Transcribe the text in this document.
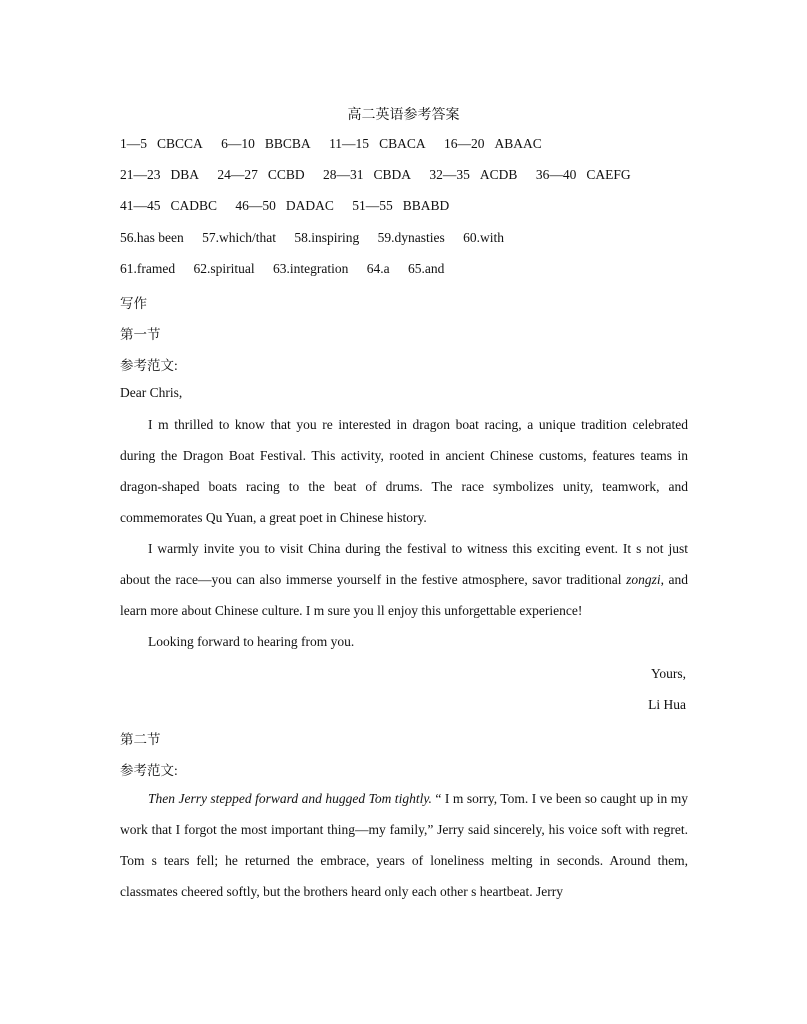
高二英语参考答案
1—5 CBCCA 6—10 BBCBA 11—15 CBACA 16—20 ABAAC
21—23 DBA 24—27 CCBD 28—31 CBDA 32—35 ACDB 36—40 CAEFG
41—45 CADBC 46—50 DADAC 51—55 BBABD
56.has been 57.which/that 58.inspiring 59.dynasties 60.with
61.framed 62.spiritual 63.integration 64.a 65.and
写作
第一节
参考范文:
Dear Chris,

I m thrilled to know that you re interested in dragon boat racing, a unique tradition celebrated during the Dragon Boat Festival. This activity, rooted in ancient Chinese customs, features teams in dragon-shaped boats racing to the beat of drums. The race symbolizes unity, teamwork, and commemorates Qu Yuan, a great poet in Chinese history.

I warmly invite you to visit China during the festival to witness this exciting event. It s not just about the race—you can also immerse yourself in the festive atmosphere, savor traditional zongzi, and learn more about Chinese culture. I m sure you ll enjoy this unforgettable experience!

Looking forward to hearing from you.

Yours,
Li Hua
第二节
参考范文:

Then Jerry stepped forward and hugged Tom tightly. “ I m sorry, Tom. I ve been so caught up in my work that I forgot the most important thing—my family,” Jerry said sincerely, his voice soft with regret. Tom s tears fell; he returned the embrace, years of loneliness melting in seconds. Around them, classmates cheered softly, but the brothers heard only each other s heartbeat. Jerry
